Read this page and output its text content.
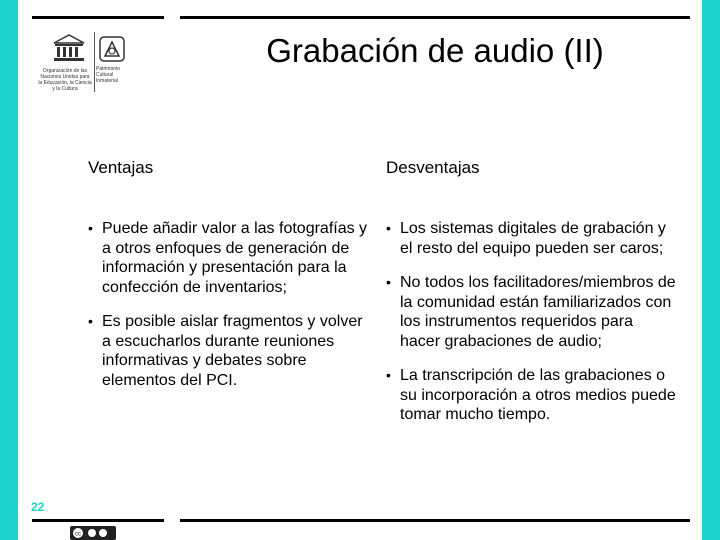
Organización de las Naciones Unidas para la Educación, la Ciencia y la Cultura
Patrimonio Cultural Inmaterial
Grabación de audio (II)
Ventajas	Desventajas
• Puede añadir valor a las fotografías y a otros enfoques de generación de información y presentación para la confección de inventarios;
• Es posible aislar fragmentos y volver a escucharlos durante reuniones informativas y debates sobre elementos del PCI.
• Los sistemas digitales de grabación y el resto del equipo pueden ser caros;
• No todos los facilitadores/miembros de la comunidad están familiarizados con los instrumentos requeridos para hacer grabaciones de audio;
• La transcripción de las grabaciones o su incorporación a otros medios puede tomar mucho tiempo.
22
cc
